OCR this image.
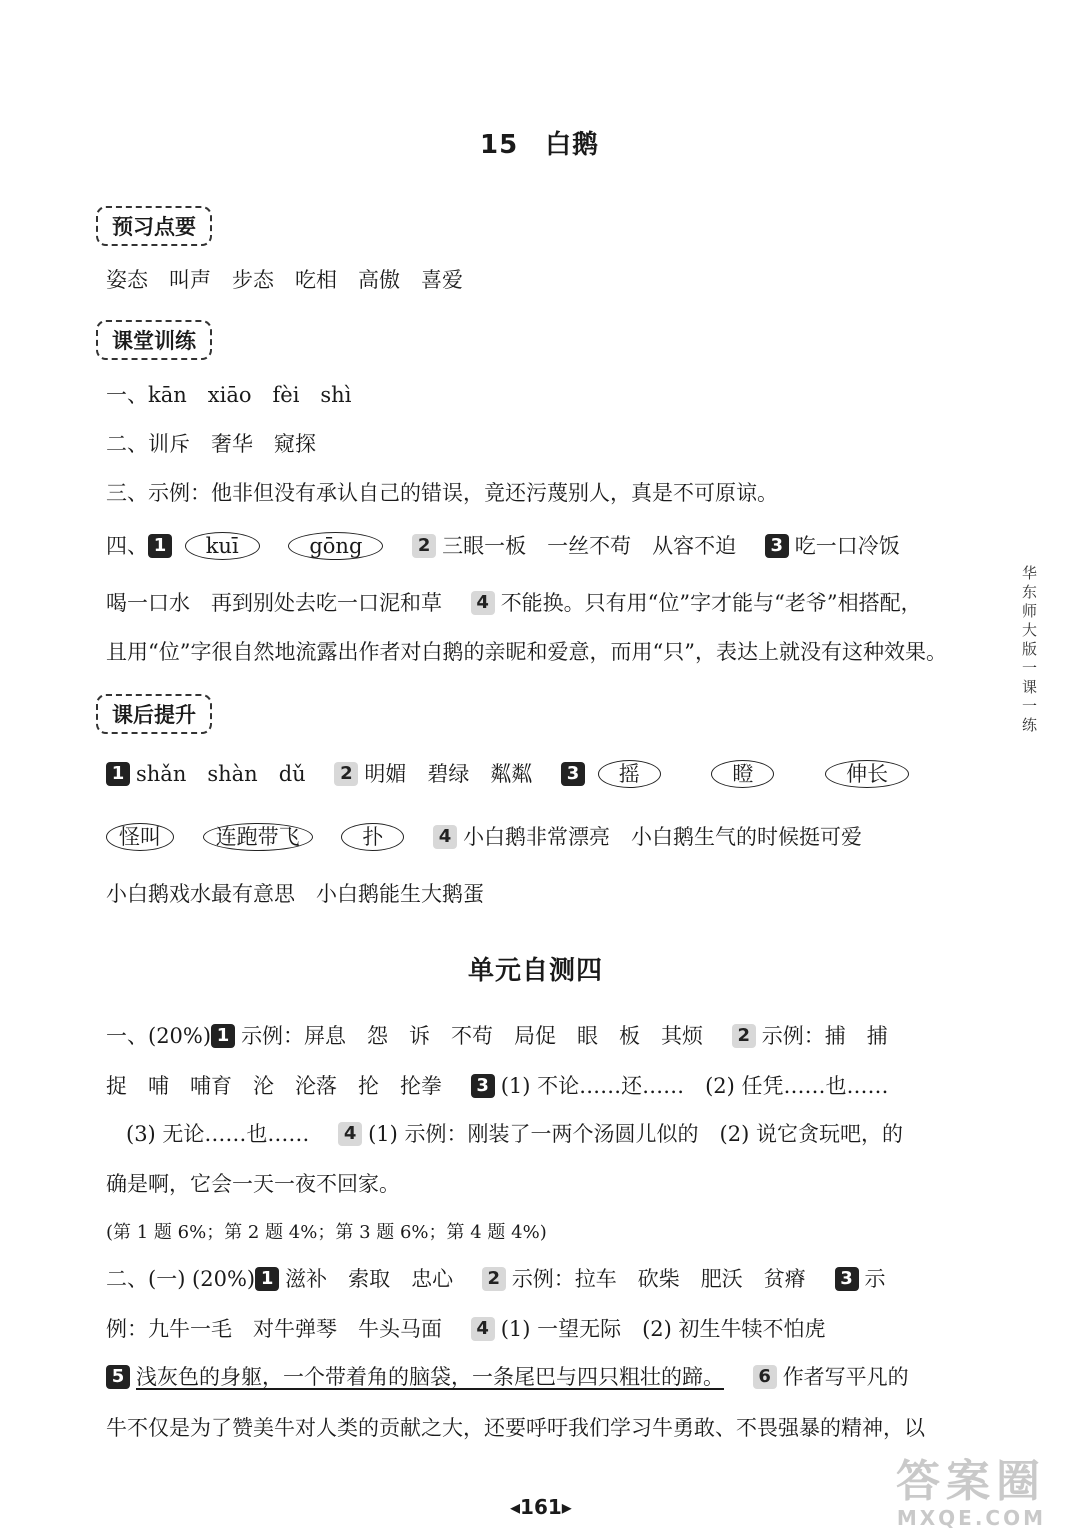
15　白鹅
预习点要
姿态　叫声　步态　吃相　高傲　喜爱
课堂训练
一、kān　xiāo　fèi　shì
二、训斥　奢华　窥探
三、示例：他非但没有承认自己的错误，竟还污蔑别人，真是不可原谅。
四、 1 kuī	gōng	2 三眼一板　一丝不苟　从容不迫 3 吃一口冷饭
喝一口水　再到别处去吃一口泥和草 4 不能换。只有用“位”字才能与“老爷”相搭配，
且用“位”字很自然地流露出作者对白鹅的亲昵和爱意，而用“只”，表达上就没有这种效果。
课后提升
1 shǎn　shàn　dǔ 2 明媚　碧绿　粼粼 3 摇	瞪	伸长
怪叫	连跑带飞	扑	4 小白鹅非常漂亮　小白鹅生气的时候挺可爱
小白鹅戏水最有意思　小白鹅能生大鹅蛋
单元自测四
一、(20%) 1 示例：屏息　怨　诉　不苟　局促　眼　板　其烦 2 示例：捕　捕
捉　哺　哺育　沦　沦落　抡　抡拳 3 (1) 不论……还……　(2) 任凭……也……
(3) 无论……也…… 4 (1) 示例：刚装了一两个汤圆儿似的　(2) 说它贪玩吧，的
确是啊，它会一天一夜不回家。
(第 1 题 6%；第 2 题 4%；第 3 题 6%；第 4 题 4%)
二、(一) (20%) 1 滋补　索取　忠心 2 示例：拉车　砍柴　肥沃　贫瘠 3 示
例：九牛一毛　对牛弹琴　牛头马面 4 (1) 一望无际　(2) 初生牛犊不怕虎
5 浅灰色的身躯，一个带着角的脑袋，一条尾巴与四只粗壮的蹄。 6 作者写平凡的
牛不仅是为了赞美牛对人类的贡献之大，还要呼吁我们学习牛勇敢、不畏强暴的精神，以
华东师大版一课一练
◂161▸	答案圈
MXQE.COM
